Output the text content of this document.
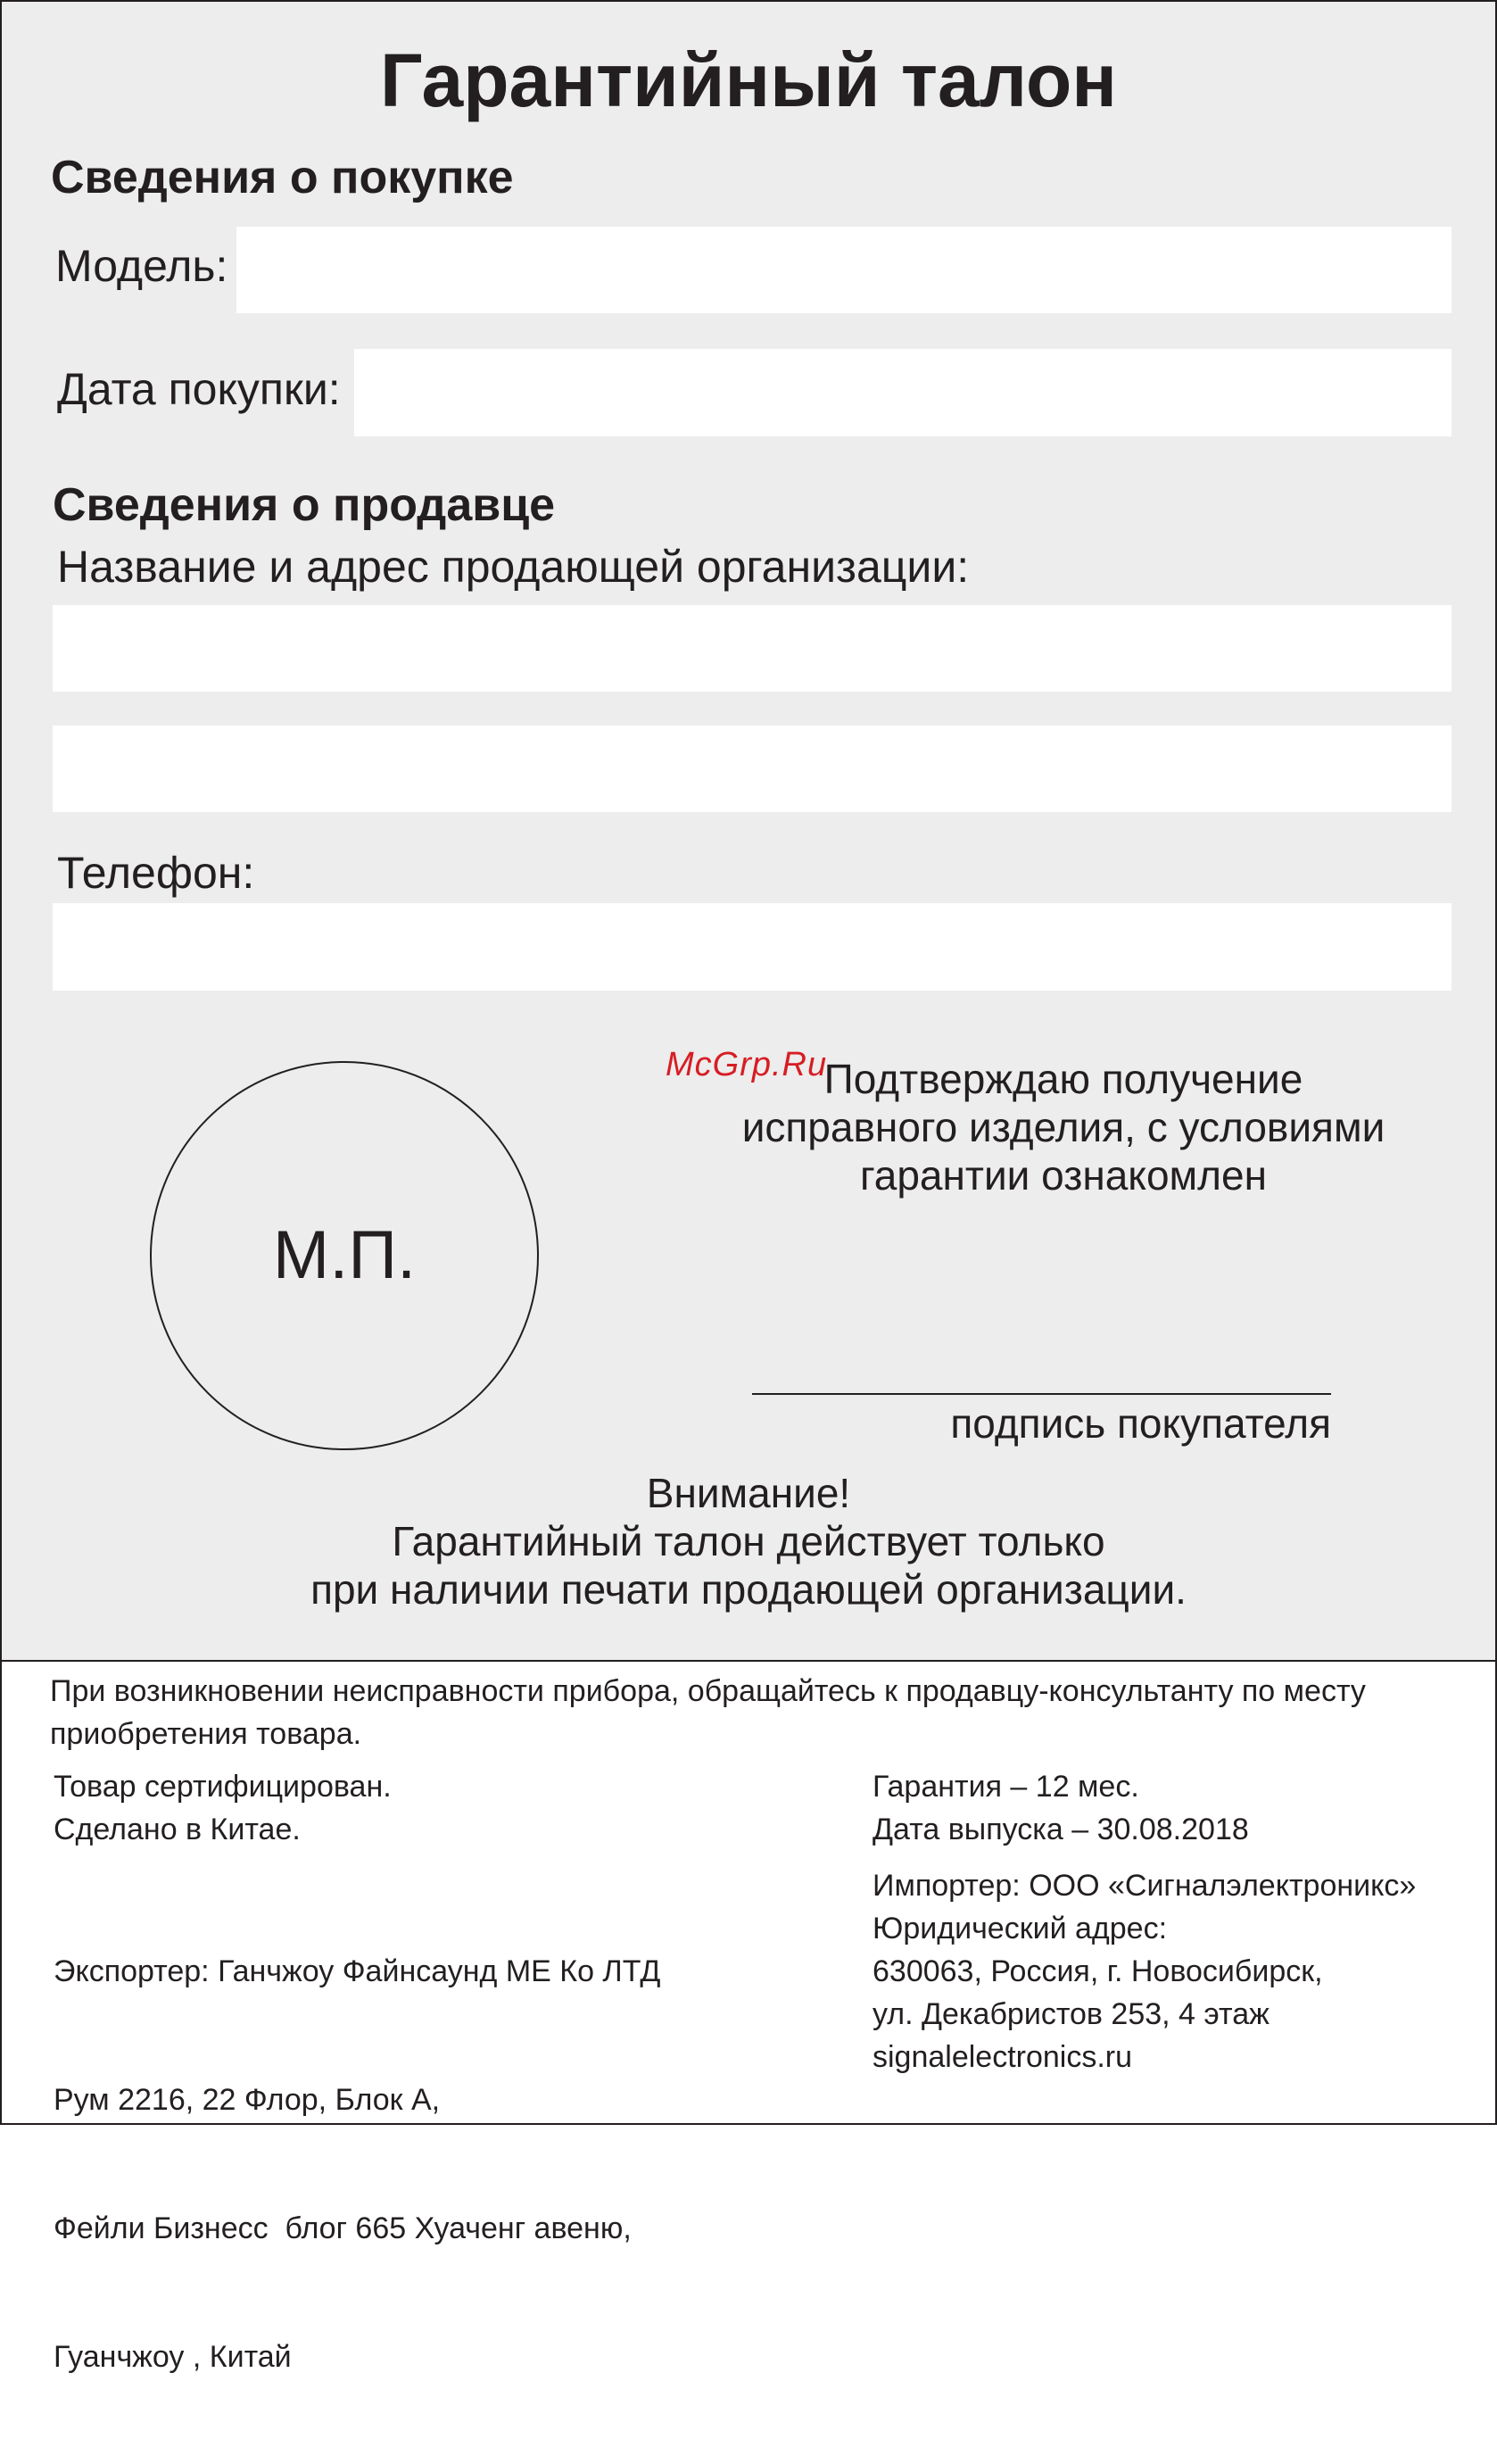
Гарантийный талон
Сведения о покупке
Модель:
Дата покупки:
Сведения о продавце
Название и адрес продающей организации:
Телефон:
М.П.
Подтверждаю получение
исправного изделия, с условиями
гарантии ознакомлен
McGrp.Ru
подпись покупателя
Внимание!
Гарантийный талон действует только
при наличии печати продающей организации.
При возникновении неисправности прибора, обращайтесь к продавцу-консультанту по месту
приобретения товара.
Товар сертифицирован.
Сделано в Китае.

Экспортер: Ганчжоу Файнсаунд МЕ Ко ЛТД

Рум 2216, 22 Флор, Блок А,

Фейли Бизнесс  блог 665 Хуаченг авеню,

Гуанчжоу , Китай

Гарантия – 12 мес.
Дата выпуска – 30.08.2018
Импортер: ООО «Сигналэлектроникс»
Юридический адрес:
630063, Россия, г. Новосибирск,
ул. Декабристов 253, 4 этаж
signalelectronics.ru
